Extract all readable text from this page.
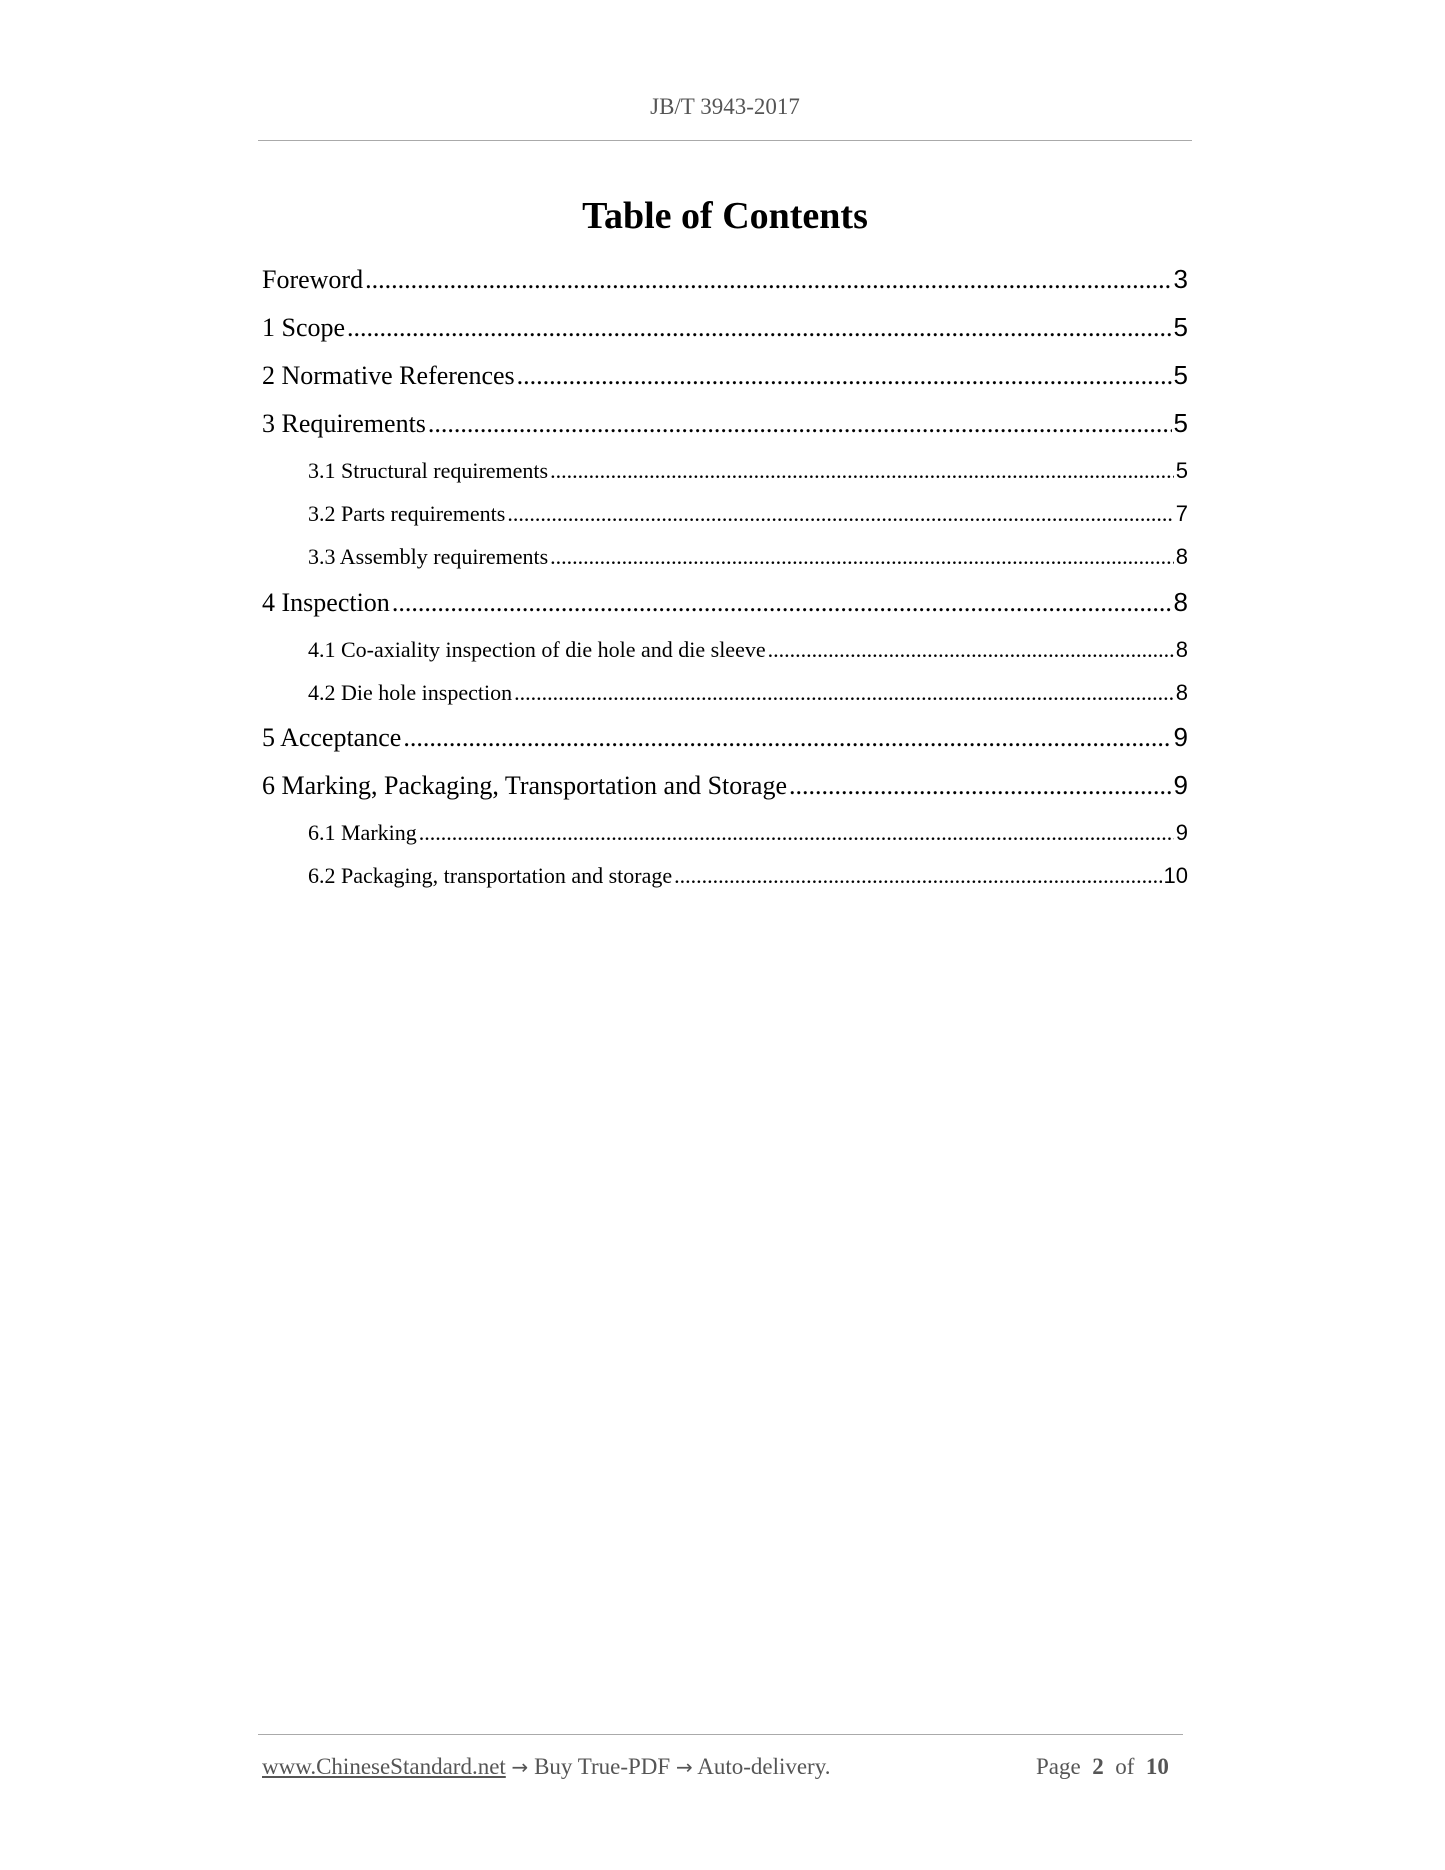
JB/T 3943-2017
Table of Contents
Foreword .....	3
1 Scope .....	5
2 Normative References .....	5
3 Requirements .....	5
3.1 Structural requirements .....	5
3.2 Parts requirements .....	7
3.3 Assembly requirements .....	8
4 Inspection .....	8
4.1 Co-axiality inspection of die hole and die sleeve .....	8
4.2 Die hole inspection .....	8
5 Acceptance .....	9
6 Marking, Packaging, Transportation and Storage .....	9
6.1 Marking .....	9
6.2 Packaging, transportation and storage .....	10
www.ChineseStandard.net → Buy True-PDF → Auto-delivery.	Page 2 of 10
